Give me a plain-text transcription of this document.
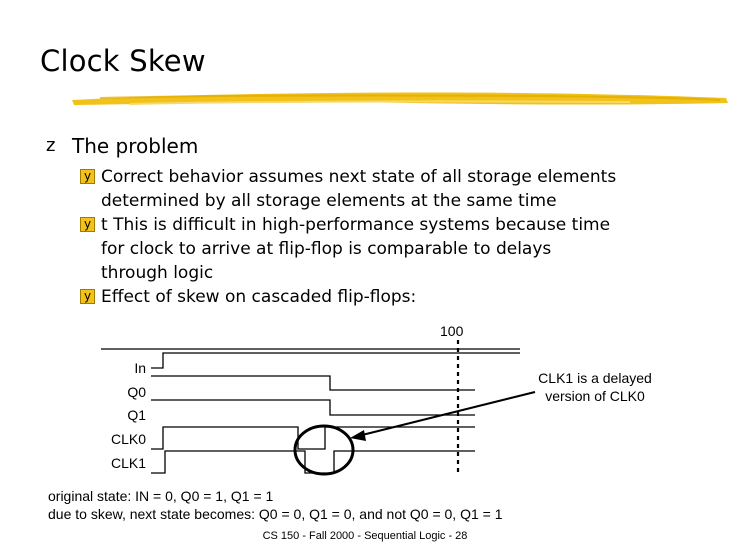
Clock Skew
z The problem
y Correct behavior assumes next state of all storage elements
determined by all storage elements at the same time
y t This is difficult in high-performance systems because time
for clock to arrive at flip-flop is comparable to delays
through logic
y Effect of skew on cascaded flip-flops:
100
In
Q0
Q1
CLK0
CLK1
CLK1 is a delayed
version of CLK0
original state: IN = 0, Q0 = 1, Q1 = 1
due to skew, next state becomes: Q0 = 0, Q1 = 0, and not Q0 = 0, Q1 = 1
CS 150 - Fall 2000 - Sequential Logic - 28
